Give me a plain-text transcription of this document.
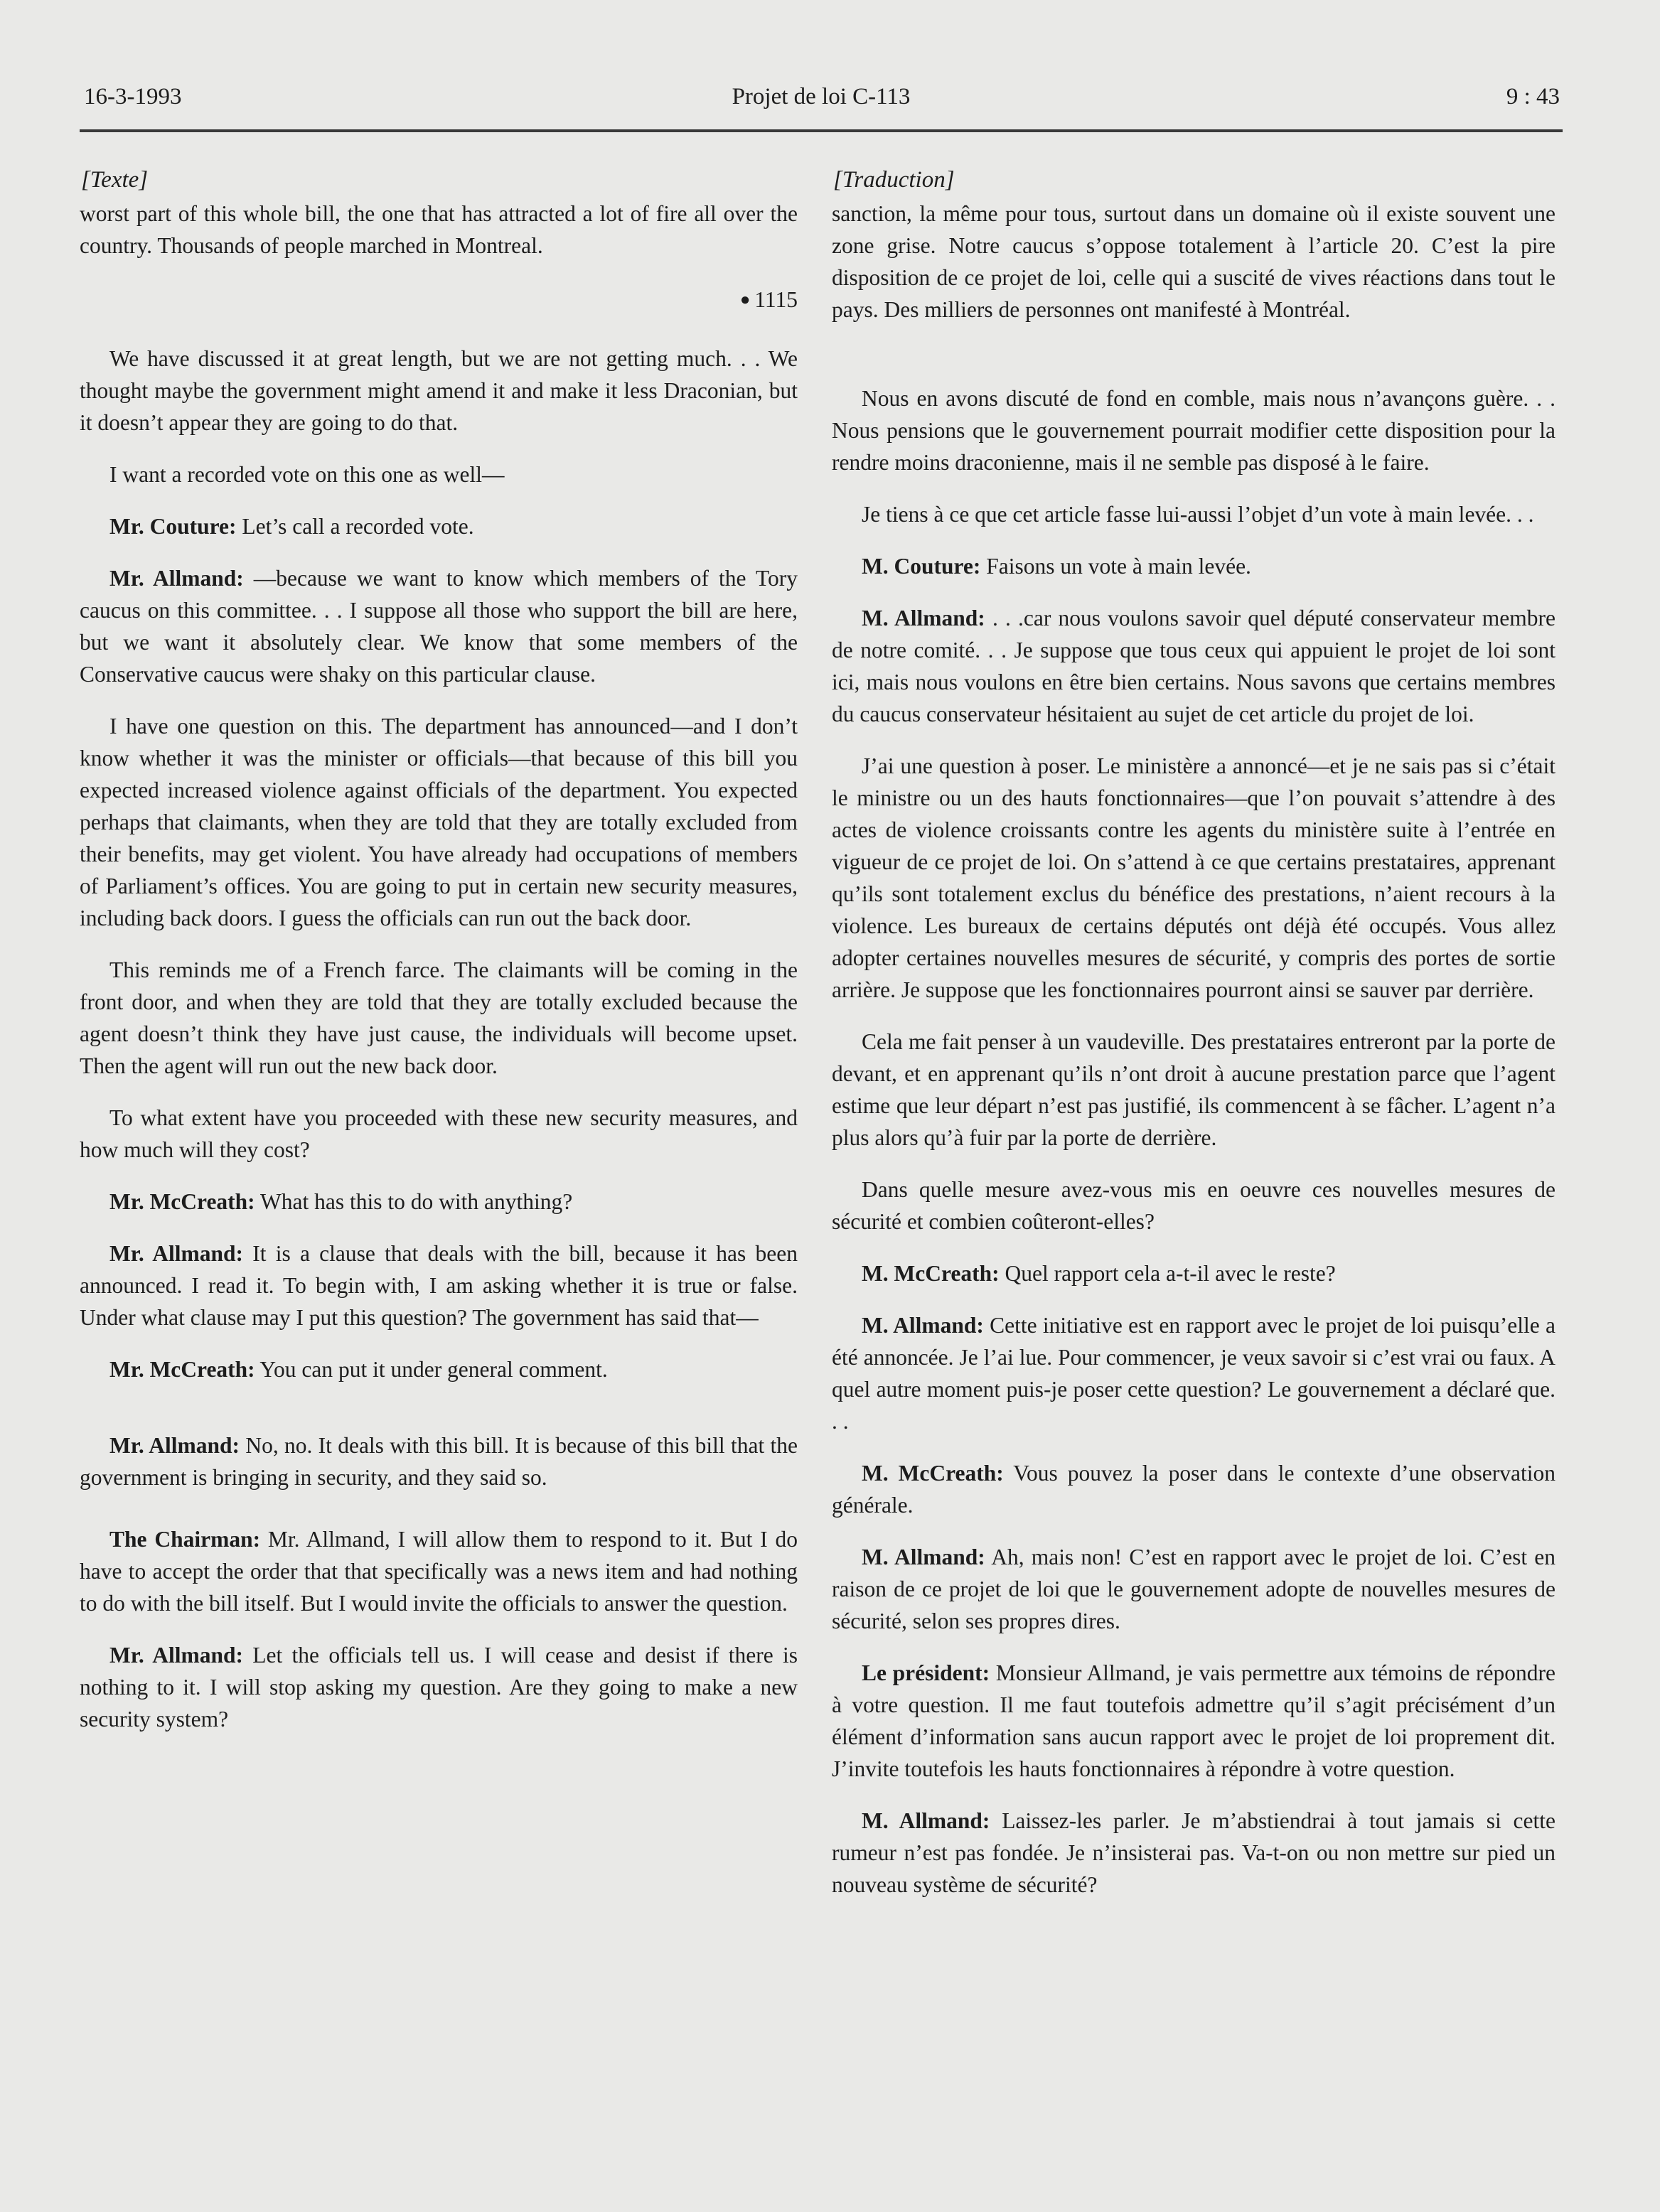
16-3-1993	Projet de loi C-113	9 : 43
[Texte]

worst part of this whole bill, the one that has attracted a lot of fire all over the country. Thousands of people marched in Montreal.

● 1115

We have discussed it at great length, but we are not getting much. . . We thought maybe the government might amend it and make it less Draconian, but it doesn’t appear they are going to do that.

I want a recorded vote on this one as well—

Mr. Couture: Let’s call a recorded vote.

Mr. Allmand: —because we want to know which members of the Tory caucus on this committee. . . I suppose all those who support the bill are here, but we want it absolutely clear. We know that some members of the Conservative caucus were shaky on this particular clause.

I have one question on this. The department has announced—and I don’t know whether it was the minister or officials—that because of this bill you expected increased violence against officials of the department. You expected perhaps that claimants, when they are told that they are totally excluded from their benefits, may get violent. You have already had occupations of members of Parliament’s offices. You are going to put in certain new security measures, including back doors. I guess the officials can run out the back door.

This reminds me of a French farce. The claimants will be coming in the front door, and when they are told that they are totally excluded because the agent doesn’t think they have just cause, the individuals will become upset. Then the agent will run out the new back door.

To what extent have you proceeded with these new security measures, and how much will they cost?

Mr. McCreath: What has this to do with anything?

Mr. Allmand: It is a clause that deals with the bill, because it has been announced. I read it. To begin with, I am asking whether it is true or false. Under what clause may I put this question? The government has said that—

Mr. McCreath: You can put it under general comment.

Mr. Allmand: No, no. It deals with this bill. It is because of this bill that the government is bringing in security, and they said so.

The Chairman: Mr. Allmand, I will allow them to respond to it. But I do have to accept the order that that specifically was a news item and had nothing to do with the bill itself. But I would invite the officials to answer the question.

Mr. Allmand: Let the officials tell us. I will cease and desist if there is nothing to it. I will stop asking my question. Are they going to make a new security system?

[Traduction]

sanction, la même pour tous, surtout dans un domaine où il existe souvent une zone grise. Notre caucus s’oppose totalement à l’article 20. C’est la pire disposition de ce projet de loi, celle qui a suscité de vives réactions dans tout le pays. Des milliers de personnes ont manifesté à Montréal.

Nous en avons discuté de fond en comble, mais nous n’avançons guère. . . Nous pensions que le gouvernement pourrait modifier cette disposition pour la rendre moins draconienne, mais il ne semble pas disposé à le faire.

Je tiens à ce que cet article fasse lui-aussi l’objet d’un vote à main levée. . .

M. Couture: Faisons un vote à main levée.

M. Allmand: . . .car nous voulons savoir quel député conservateur membre de notre comité. . . Je suppose que tous ceux qui appuient le projet de loi sont ici, mais nous voulons en être bien certains. Nous savons que certains membres du caucus conservateur hésitaient au sujet de cet article du projet de loi.

J’ai une question à poser. Le ministère a annoncé—et je ne sais pas si c’était le ministre ou un des hauts fonctionnaires—que l’on pouvait s’attendre à des actes de violence croissants contre les agents du ministère suite à l’entrée en vigueur de ce projet de loi. On s’attend à ce que certains prestataires, apprenant qu’ils sont totalement exclus du bénéfice des prestations, n’aient recours à la violence. Les bureaux de certains députés ont déjà été occupés. Vous allez adopter certaines nouvelles mesures de sécurité, y compris des portes de sortie arrière. Je suppose que les fonctionnaires pourront ainsi se sauver par derrière.

Cela me fait penser à un vaudeville. Des prestataires entreront par la porte de devant, et en apprenant qu’ils n’ont droit à aucune prestation parce que l’agent estime que leur départ n’est pas justifié, ils commencent à se fâcher. L’agent n’a plus alors qu’à fuir par la porte de derrière.

Dans quelle mesure avez-vous mis en oeuvre ces nouvelles mesures de sécurité et combien coûteront-elles?

M. McCreath: Quel rapport cela a-t-il avec le reste?

M. Allmand: Cette initiative est en rapport avec le projet de loi puisqu’elle a été annoncée. Je l’ai lue. Pour commencer, je veux savoir si c’est vrai ou faux. A quel autre moment puis-je poser cette question? Le gouvernement a déclaré que. . .

M. McCreath: Vous pouvez la poser dans le contexte d’une observation générale.

M. Allmand: Ah, mais non! C’est en rapport avec le projet de loi. C’est en raison de ce projet de loi que le gouvernement adopte de nouvelles mesures de sécurité, selon ses propres dires.

Le président: Monsieur Allmand, je vais permettre aux témoins de répondre à votre question. Il me faut toutefois admettre qu’il s’agit précisément d’un élément d’information sans aucun rapport avec le projet de loi proprement dit. J’invite toutefois les hauts fonctionnaires à répondre à votre question.

M. Allmand: Laissez-les parler. Je m’abstiendrai à tout jamais si cette rumeur n’est pas fondée. Je n’insisterai pas. Va-t-on ou non mettre sur pied un nouveau système de sécurité?
